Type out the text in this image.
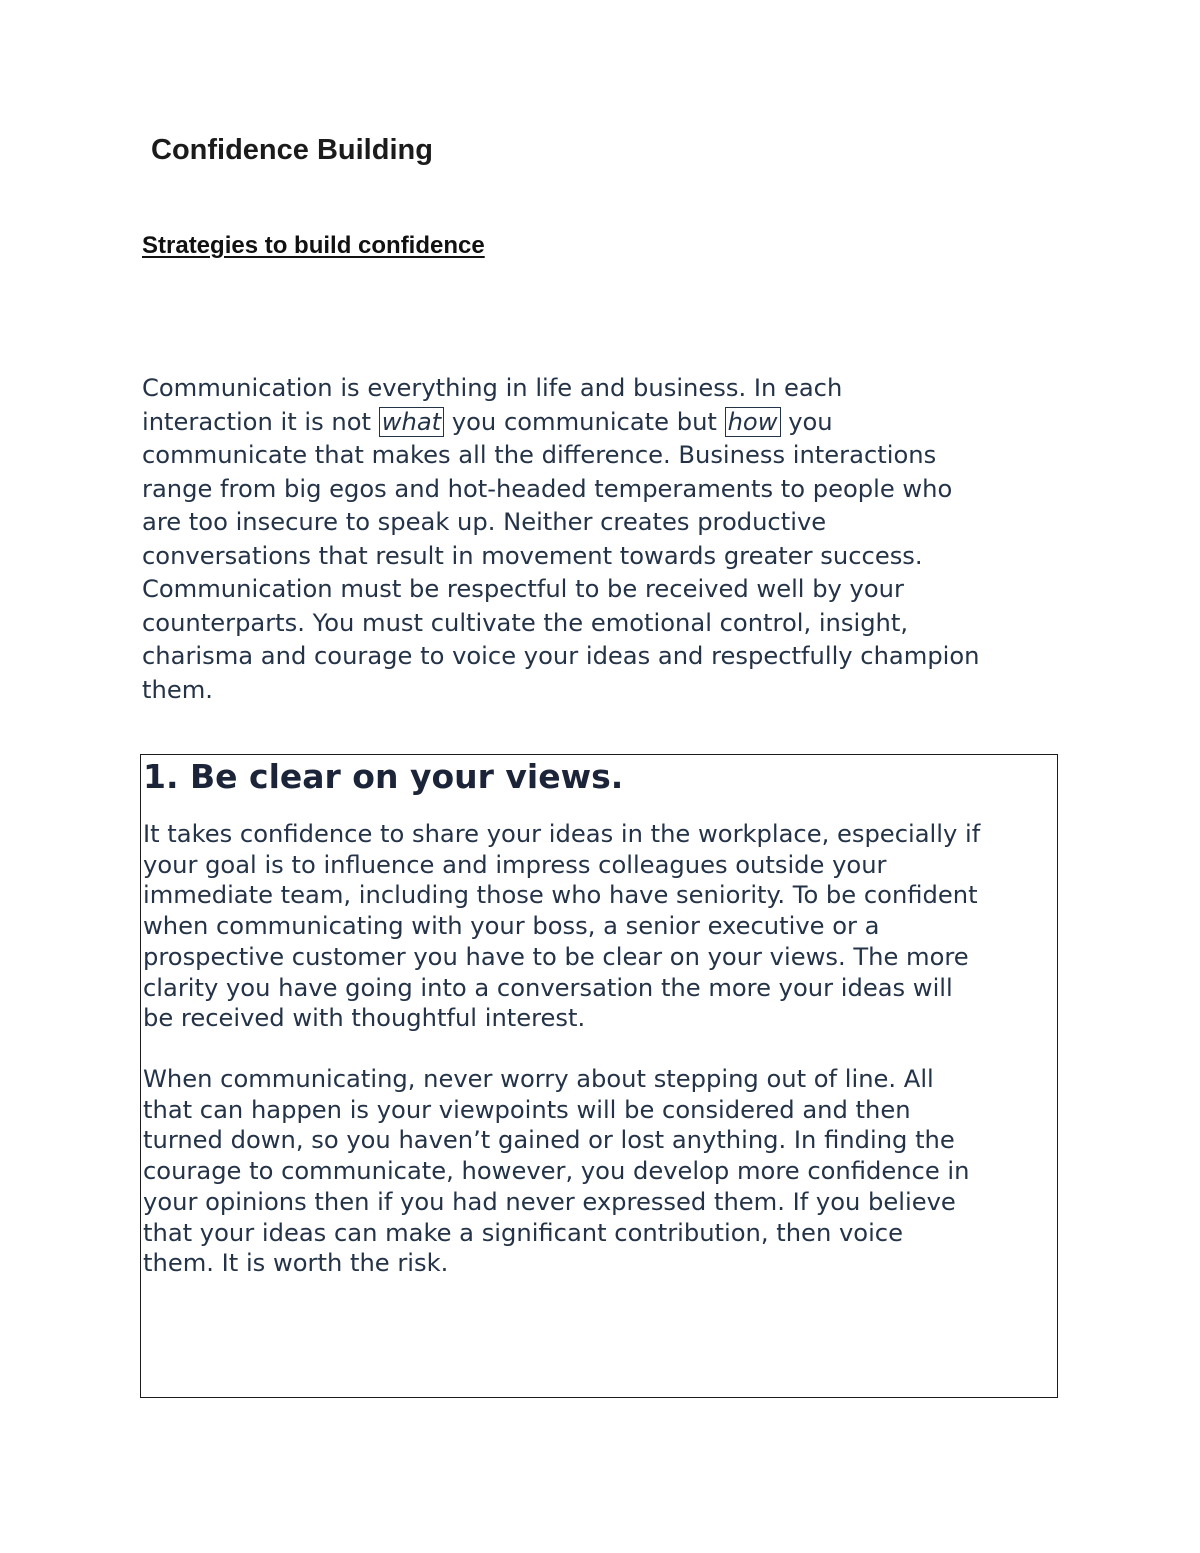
Confidence Building
Strategies to build confidence

Communication is everything in life and business. In each
interaction it is not what you communicate but how you
communicate that makes all the difference. Business interactions
range from big egos and hot-headed temperaments to people who
are too insecure to speak up. Neither creates productive
conversations that result in movement towards greater success.
Communication must be respectful to be received well by your
counterparts. You must cultivate the emotional control, insight,
charisma and courage to voice your ideas and respectfully champion
them.

1. Be clear on your views.

It takes confidence to share your ideas in the workplace, especially if
your goal is to influence and impress colleagues outside your
immediate team, including those who have seniority. To be confident
when communicating with your boss, a senior executive or a
prospective customer you have to be clear on your views. The more
clarity you have going into a conversation the more your ideas will
be received with thoughtful interest.

When communicating, never worry about stepping out of line. All
that can happen is your viewpoints will be considered and then
turned down, so you haven’t gained or lost anything. In finding the
courage to communicate, however, you develop more confidence in
your opinions then if you had never expressed them. If you believe
that your ideas can make a significant contribution, then voice
them. It is worth the risk.
